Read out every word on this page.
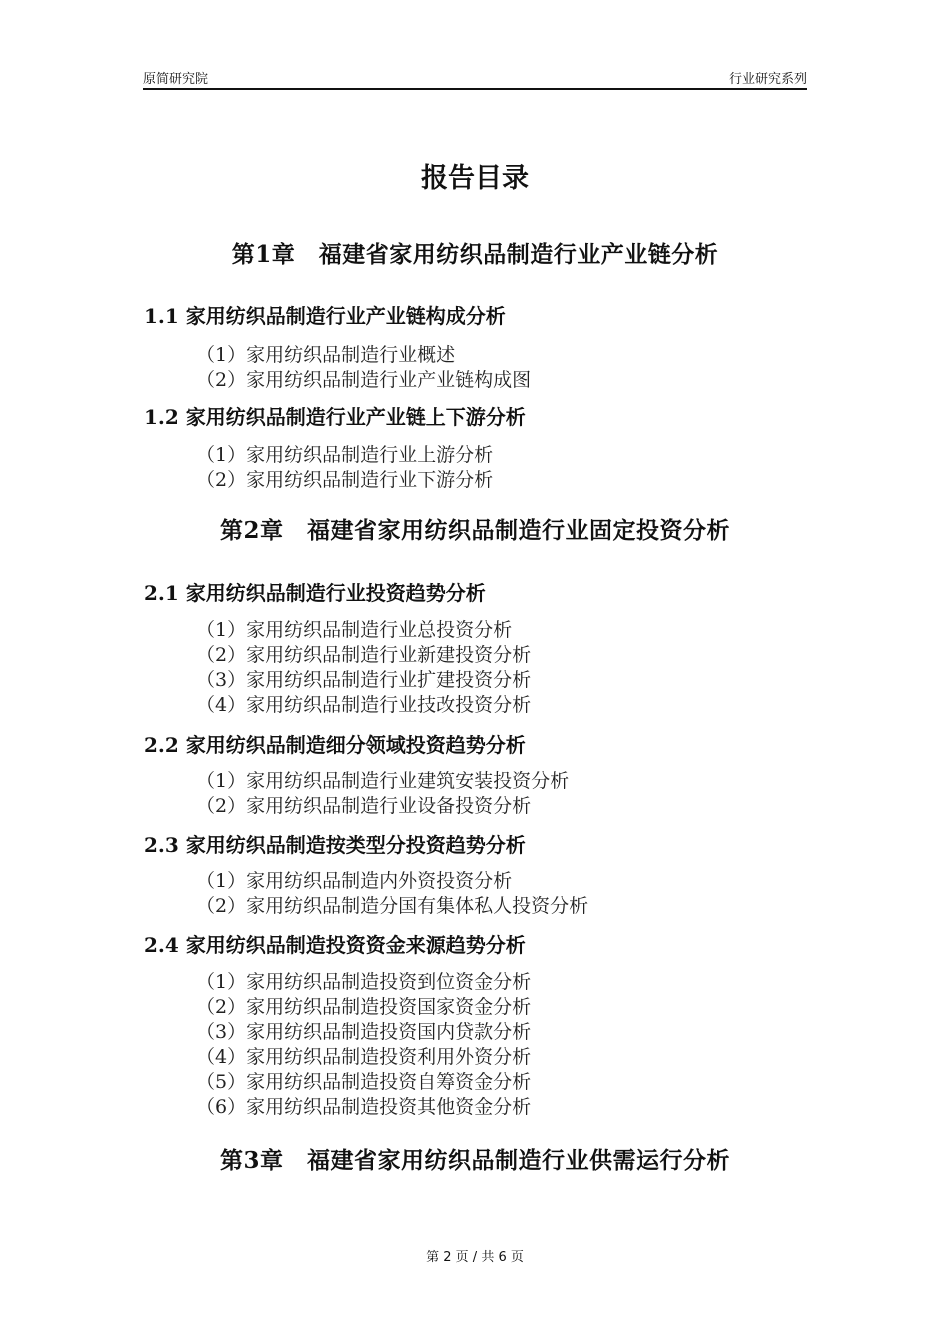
原简研究院	行业研究系列
报告目录
第1章　福建省家用纺织品制造行业产业链分析
1.1 家用纺织品制造行业产业链构成分析
（1）家用纺织品制造行业概述
（2）家用纺织品制造行业产业链构成图
1.2 家用纺织品制造行业产业链上下游分析
（1）家用纺织品制造行业上游分析
（2）家用纺织品制造行业下游分析
第2章　福建省家用纺织品制造行业固定投资分析
2.1 家用纺织品制造行业投资趋势分析
（1）家用纺织品制造行业总投资分析
（2）家用纺织品制造行业新建投资分析
（3）家用纺织品制造行业扩建投资分析
（4）家用纺织品制造行业技改投资分析
2.2 家用纺织品制造细分领域投资趋势分析
（1）家用纺织品制造行业建筑安装投资分析
（2）家用纺织品制造行业设备投资分析
2.3 家用纺织品制造按类型分投资趋势分析
（1）家用纺织品制造内外资投资分析
（2）家用纺织品制造分国有集体私人投资分析
2.4 家用纺织品制造投资资金来源趋势分析
（1）家用纺织品制造投资到位资金分析
（2）家用纺织品制造投资国家资金分析
（3）家用纺织品制造投资国内贷款分析
（4）家用纺织品制造投资利用外资分析
（5）家用纺织品制造投资自筹资金分析
（6）家用纺织品制造投资其他资金分析
第3章　福建省家用纺织品制造行业供需运行分析
第 2 页 / 共 6 页
